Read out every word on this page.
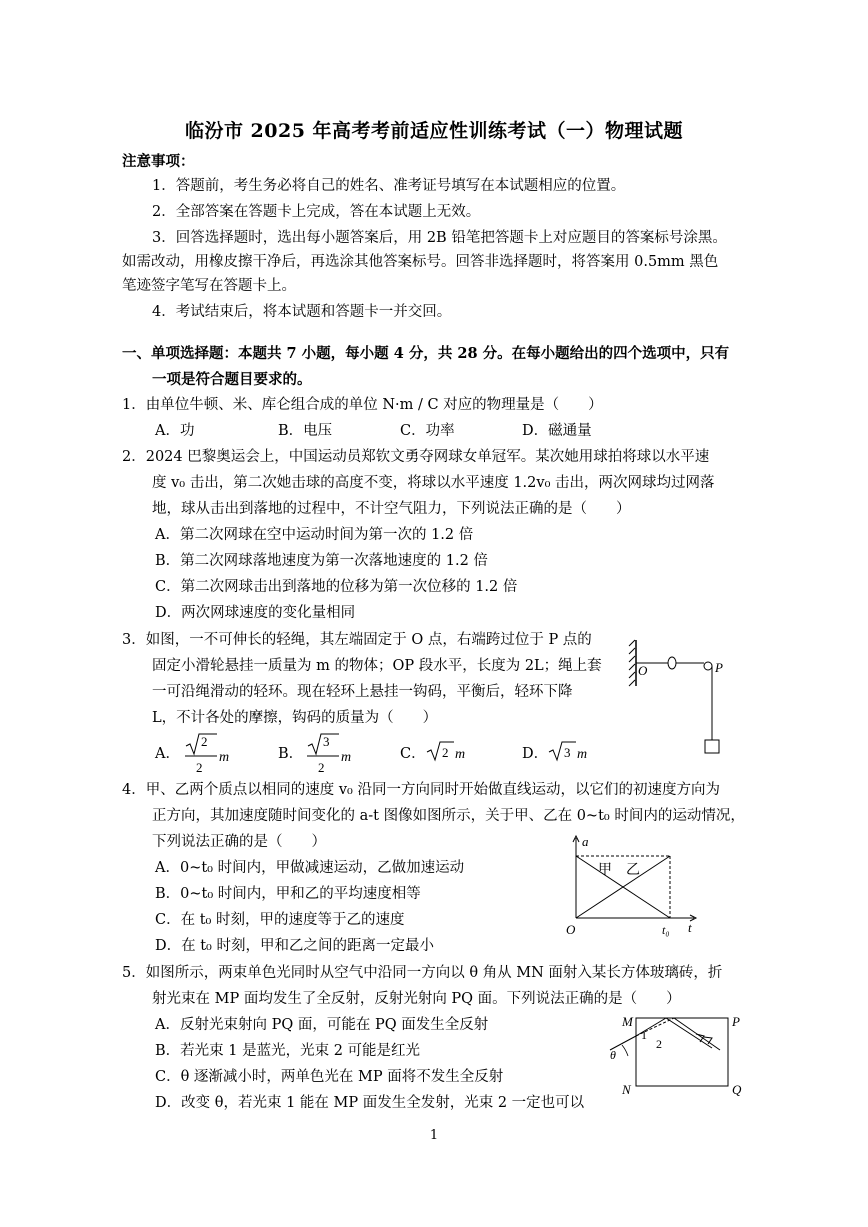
临汾市 2025 年高考考前适应性训练考试（一）物理试题
注意事项：
1．答题前，考生务必将自己的姓名、准考证号填写在本试题相应的位置。
2．全部答案在答题卡上完成，答在本试题上无效。
3．回答选择题时，选出每小题答案后，用 2B 铅笔把答题卡上对应题目的答案标号涂黑。
如需改动，用橡皮擦干净后，再选涂其他答案标号。回答非选择题时，将答案用 0.5mm 黑色
笔迹签字笔写在答题卡上。
4．考试结束后，将本试题和答题卡一并交回。
一、单项选择题：本题共 7 小题，每小题 4 分，共 28 分。在每小题给出的四个选项中，只有
一项是符合题目要求的。
1．由单位牛顿、米、库仑组合成的单位 N·m / C 对应的物理量是（　　）
A．功	B．电压	C．功率	D．磁通量
2．2024 巴黎奥运会上，中国运动员郑钦文勇夺网球女单冠军。某次她用球拍将球以水平速
度 v₀ 击出，第二次她击球的高度不变，将球以水平速度 1.2v₀ 击出，两次网球均过网落
地，球从击出到落地的过程中，不计空气阻力，下列说法正确的是（　　）
A．第二次网球在空中运动时间为第一次的 1.2 倍
B．第二次网球落地速度为第一次落地速度的 1.2 倍
C．第二次网球击出到落地的位移为第一次位移的 1.2 倍
D．两次网球速度的变化量相同
3．如图，一不可伸长的轻绳，其左端固定于 O 点，右端跨过位于 P 点的
固定小滑轮悬挂一质量为 m 的物体；OP 段水平，长度为 2L；绳上套
一可沿绳滑动的轻环。现在轻环上悬挂一钩码，平衡后，轻环下降
L，不计各处的摩擦，钩码的质量为（　　）
A．
2
2
m	B．
3
2
m	C． 2 m	D． 3 m
O	P
4．甲、乙两个质点以相同的速度 v₀ 沿同一方向同时开始做直线运动，以它们的初速度方向为
正方向，其加速度随时间变化的 a-t 图像如图所示，关于甲、乙在 0~t₀ 时间内的运动情况，
下列说法正确的是（　　）
A．0~t₀ 时间内，甲做减速运动，乙做加速运动
B．0~t₀ 时间内，甲和乙的平均速度相等
C．在 t₀ 时刻，甲的速度等于乙的速度
D．在 t₀ 时刻，甲和乙之间的距离一定最小
a
t
O	t₀
甲 乙
5．如图所示，两束单色光同时从空气中沿同一方向以 θ 角从 MN 面射入某长方体玻璃砖，折
射光束在 MP 面均发生了全反射，反射光射向 PQ 面。下列说法正确的是（　　）
A．反射光束射向 PQ 面，可能在 PQ 面发生全反射
B．若光束 1 是蓝光，光束 2 可能是红光
C．θ 逐渐减小时，两单色光在 MP 面将不发生全反射
D．改变 θ，若光束 1 能在 MP 面发生全发射，光束 2 一定也可以
M	P
N	Q
1
2
θ
1
